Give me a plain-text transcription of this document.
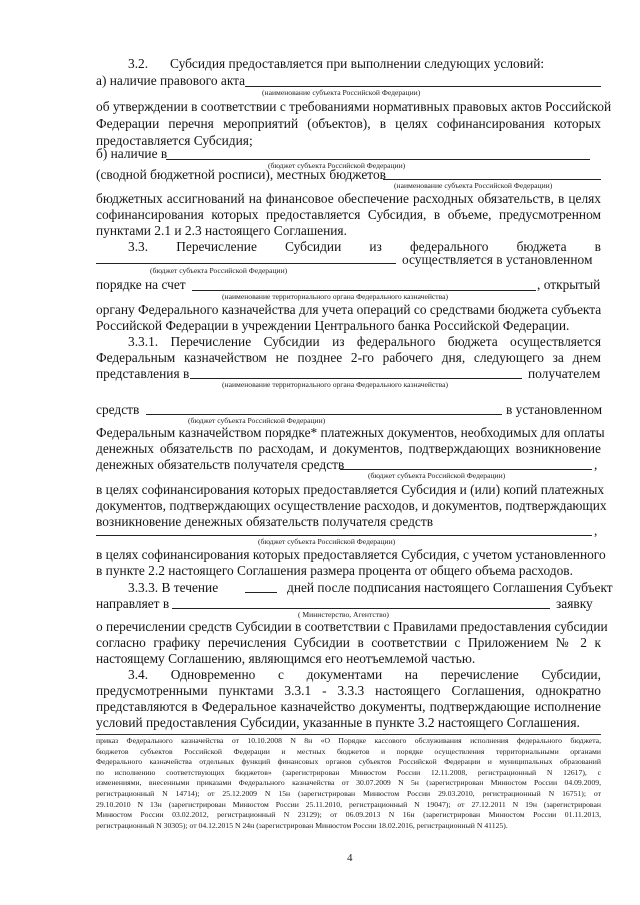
3.2. Субсидия предоставляется при выполнении следующих условий:
а) наличие правового акта
(наименование субъекта Российской Федерации)
об утверждении в соответствии с требованиями нормативных правовых актов Российской
Федерации перечня мероприятий (объектов), в целях софинансирования которых
предоставляется Субсидия;
б) наличие в
(бюджет субъекта Российской Федерации)
(сводной бюджетной росписи), местных бюджетов
(наименование субъекта Российской Федерации)
бюджетных ассигнований на финансовое обеспечение расходных обязательств, в целях
софинансирования которых предоставляется Субсидия, в объеме, предусмотренном
пунктами 2.1 и 2.3 настоящего Соглашения.
3.3. Перечисление Субсидии из федерального бюджета в
осуществляется в установленном
(бюджет субъекта Российской Федерации)
порядке на счет	, открытый
(наименование территориального органа Федерального казначейства)
органу Федерального казначейства для учета операций со средствами бюджета субъекта
Российской Федерации в учреждении Центрального банка Российской Федерации.
3.3.1. Перечисление Субсидии из федерального бюджета осуществляется
Федеральным казначейством не позднее 2-го рабочего дня, следующего за днем
представления в	получателем
(наименование территориального органа Федерального казначейства)
средств	в установленном
(бюджет субъекта Российской Федерации)
Федеральным казначейством порядке* платежных документов, необходимых для оплаты
денежных обязательств по расходам, и документов, подтверждающих возникновение
денежных обязательств получателя средств	,
(бюджет субъекта Российской Федерации)
в целях софинансирования которых предоставляется Субсидия и (или) копий платежных
документов, подтверждающих осуществление расходов, и документов, подтверждающих
возникновение денежных обязательств получателя средств
,
(бюджет субъекта Российской Федерации)
в целях софинансирования которых предоставляется Субсидия, с учетом установленного
в пункте 2.2 настоящего Соглашения размера процента от общего объема расходов.
3.3.3. В течение	дней после подписания настоящего Соглашения Субъект
направляет в	заявку
( Министерство, Агентство)
о перечислении средств Субсидии в соответствии с Правилами предоставления субсидии
согласно графику перечисления Субсидии в соответствии с Приложением № 2 к
настоящему Соглашению, являющимся его неотъемлемой частью.
3.4. Одновременно с документами на перечисление Субсидии,
предусмотренными пунктами 3.3.1 - 3.3.3 настоящего Соглашения, однократно
представляются в Федеральное казначейство документы, подтверждающие исполнение
условий предоставления Субсидии, указанные в пункте 3.2 настоящего Соглашения.
приказ Федерального казначейства от 10.10.2008 N 8н «О Порядке кассового обслуживания исполнения федерального бюджета,
бюджетов субъектов Российской Федерации и местных бюджетов и порядке осуществления территориальными органами
Федерального казначейства отдельных функций финансовых органов субъектов Российской Федерации и муниципальных образований
по исполнению соответствующих бюджетов» (зарегистрирован Минюстом России 12.11.2008, регистрационный N 12617), с
изменениями, внесенными приказами Федерального казначейства от 30.07.2009 N 5н (зарегистрирован Минюстом России 04.09.2009,
регистрационный N 14714); от 25.12.2009 N 15н (зарегистрирован Минюстом России 29.03.2010, регистрационный N 16751); от
29.10.2010 N 13н (зарегистрирован Минюстом России 25.11.2010, регистрационный N 19047); от 27.12.2011 N 19н (зарегистрирован
Минюстом России 03.02.2012, регистрационный N 23129); от 06.09.2013 N 16н (зарегистрирован Минюстом России 01.11.2013,
регистрационный N 30305); от 04.12.2015 N 24н (зарегистрирован Минюстом России 18.02.2016, регистрационный N 41125).
4
